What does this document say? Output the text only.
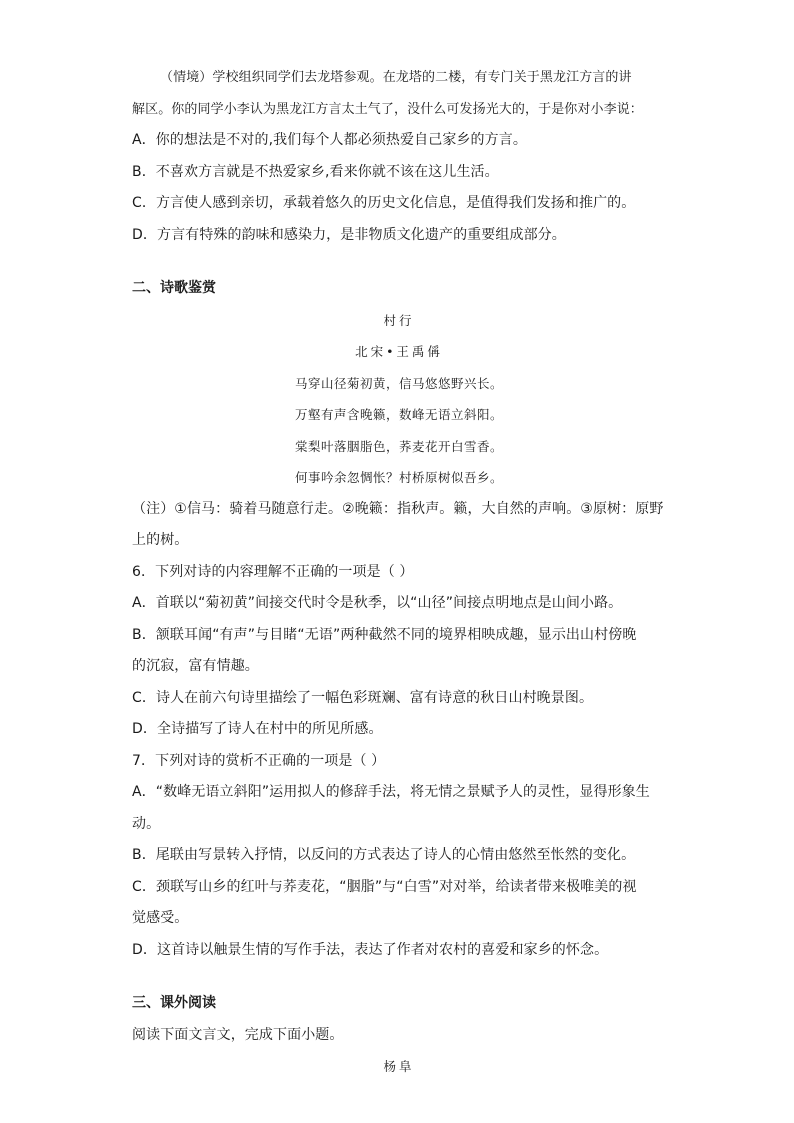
（情境）学校组织同学们去龙塔参观。在龙塔的二楼，有专门关于黑龙江方言的讲
解区。你的同学小李认为黑龙江方言太土气了，没什么可发扬光大的，于是你对小李说：
A．你的想法是不对的,我们每个人都必须热爱自己家乡的方言。
B．不喜欢方言就是不热爱家乡,看来你就不该在这儿生活。
C．方言使人感到亲切，承载着悠久的历史文化信息，是值得我们发扬和推广的。
D．方言有特殊的韵味和感染力，是非物质文化遗产的重要组成部分。
二、诗歌鉴赏
村行
北宋•王禹偁
马穿山径菊初黄，信马悠悠野兴长。
万壑有声含晚籁，数峰无语立斜阳。
棠梨叶落胭脂色，荞麦花开白雪香。
何事吟余忽惆怅？村桥原树似吾乡。
（注）①信马：骑着马随意行走。②晚籁：指秋声。籁，大自然的声响。③原树：原野
上的树。
6．下列对诗的内容理解不正确的一项是（ ）
A．首联以“菊初黄”间接交代时令是秋季，以“山径”间接点明地点是山间小路。
B．颔联耳闻“有声”与目睹“无语”两种截然不同的境界相映成趣，显示出山村傍晚
的沉寂，富有情趣。
C．诗人在前六句诗里描绘了一幅色彩斑斓、富有诗意的秋日山村晚景图。
D．全诗描写了诗人在村中的所见所感。
7．下列对诗的赏析不正确的一项是（ ）
A．“数峰无语立斜阳”运用拟人的修辞手法，将无情之景赋予人的灵性，显得形象生
动。
B．尾联由写景转入抒情，以反问的方式表达了诗人的心情由悠然至怅然的变化。
C．颈联写山乡的红叶与荞麦花，“胭脂”与“白雪”对对举，给读者带来极唯美的视
觉感受。
D．这首诗以触景生情的写作手法，表达了作者对农村的喜爱和家乡的怀念。
三、课外阅读
阅读下面文言文，完成下面小题。
杨阜
